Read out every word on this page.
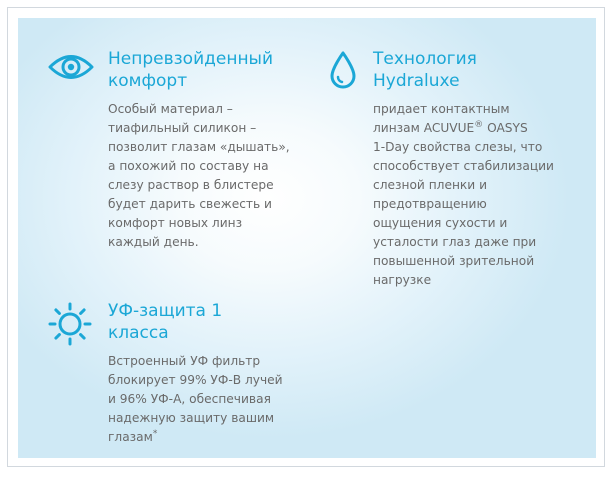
Непревзойденный
комфорт

Особый материал –
тиафильный силикон –
позволит глазам «дышать»,
а похожий по составу на
слезу раствор в блистере
будет дарить свежесть и
комфорт новых линз
каждый день.

Технология
Hydraluxe

придает контактным
линзам ACUVUE® OASYS
1-Day свойства слезы, что
способствует стабилизации
слезной пленки и
предотвращению
ощущения сухости и
усталости глаз даже при
повышенной зрительной
нагрузке

УФ-защита 1
класса

Встроенный УФ фильтр
блокирует 99% УФ-В лучей
и 96% УФ-А, обеспечивая
надежную защиту вашим
глазам*
